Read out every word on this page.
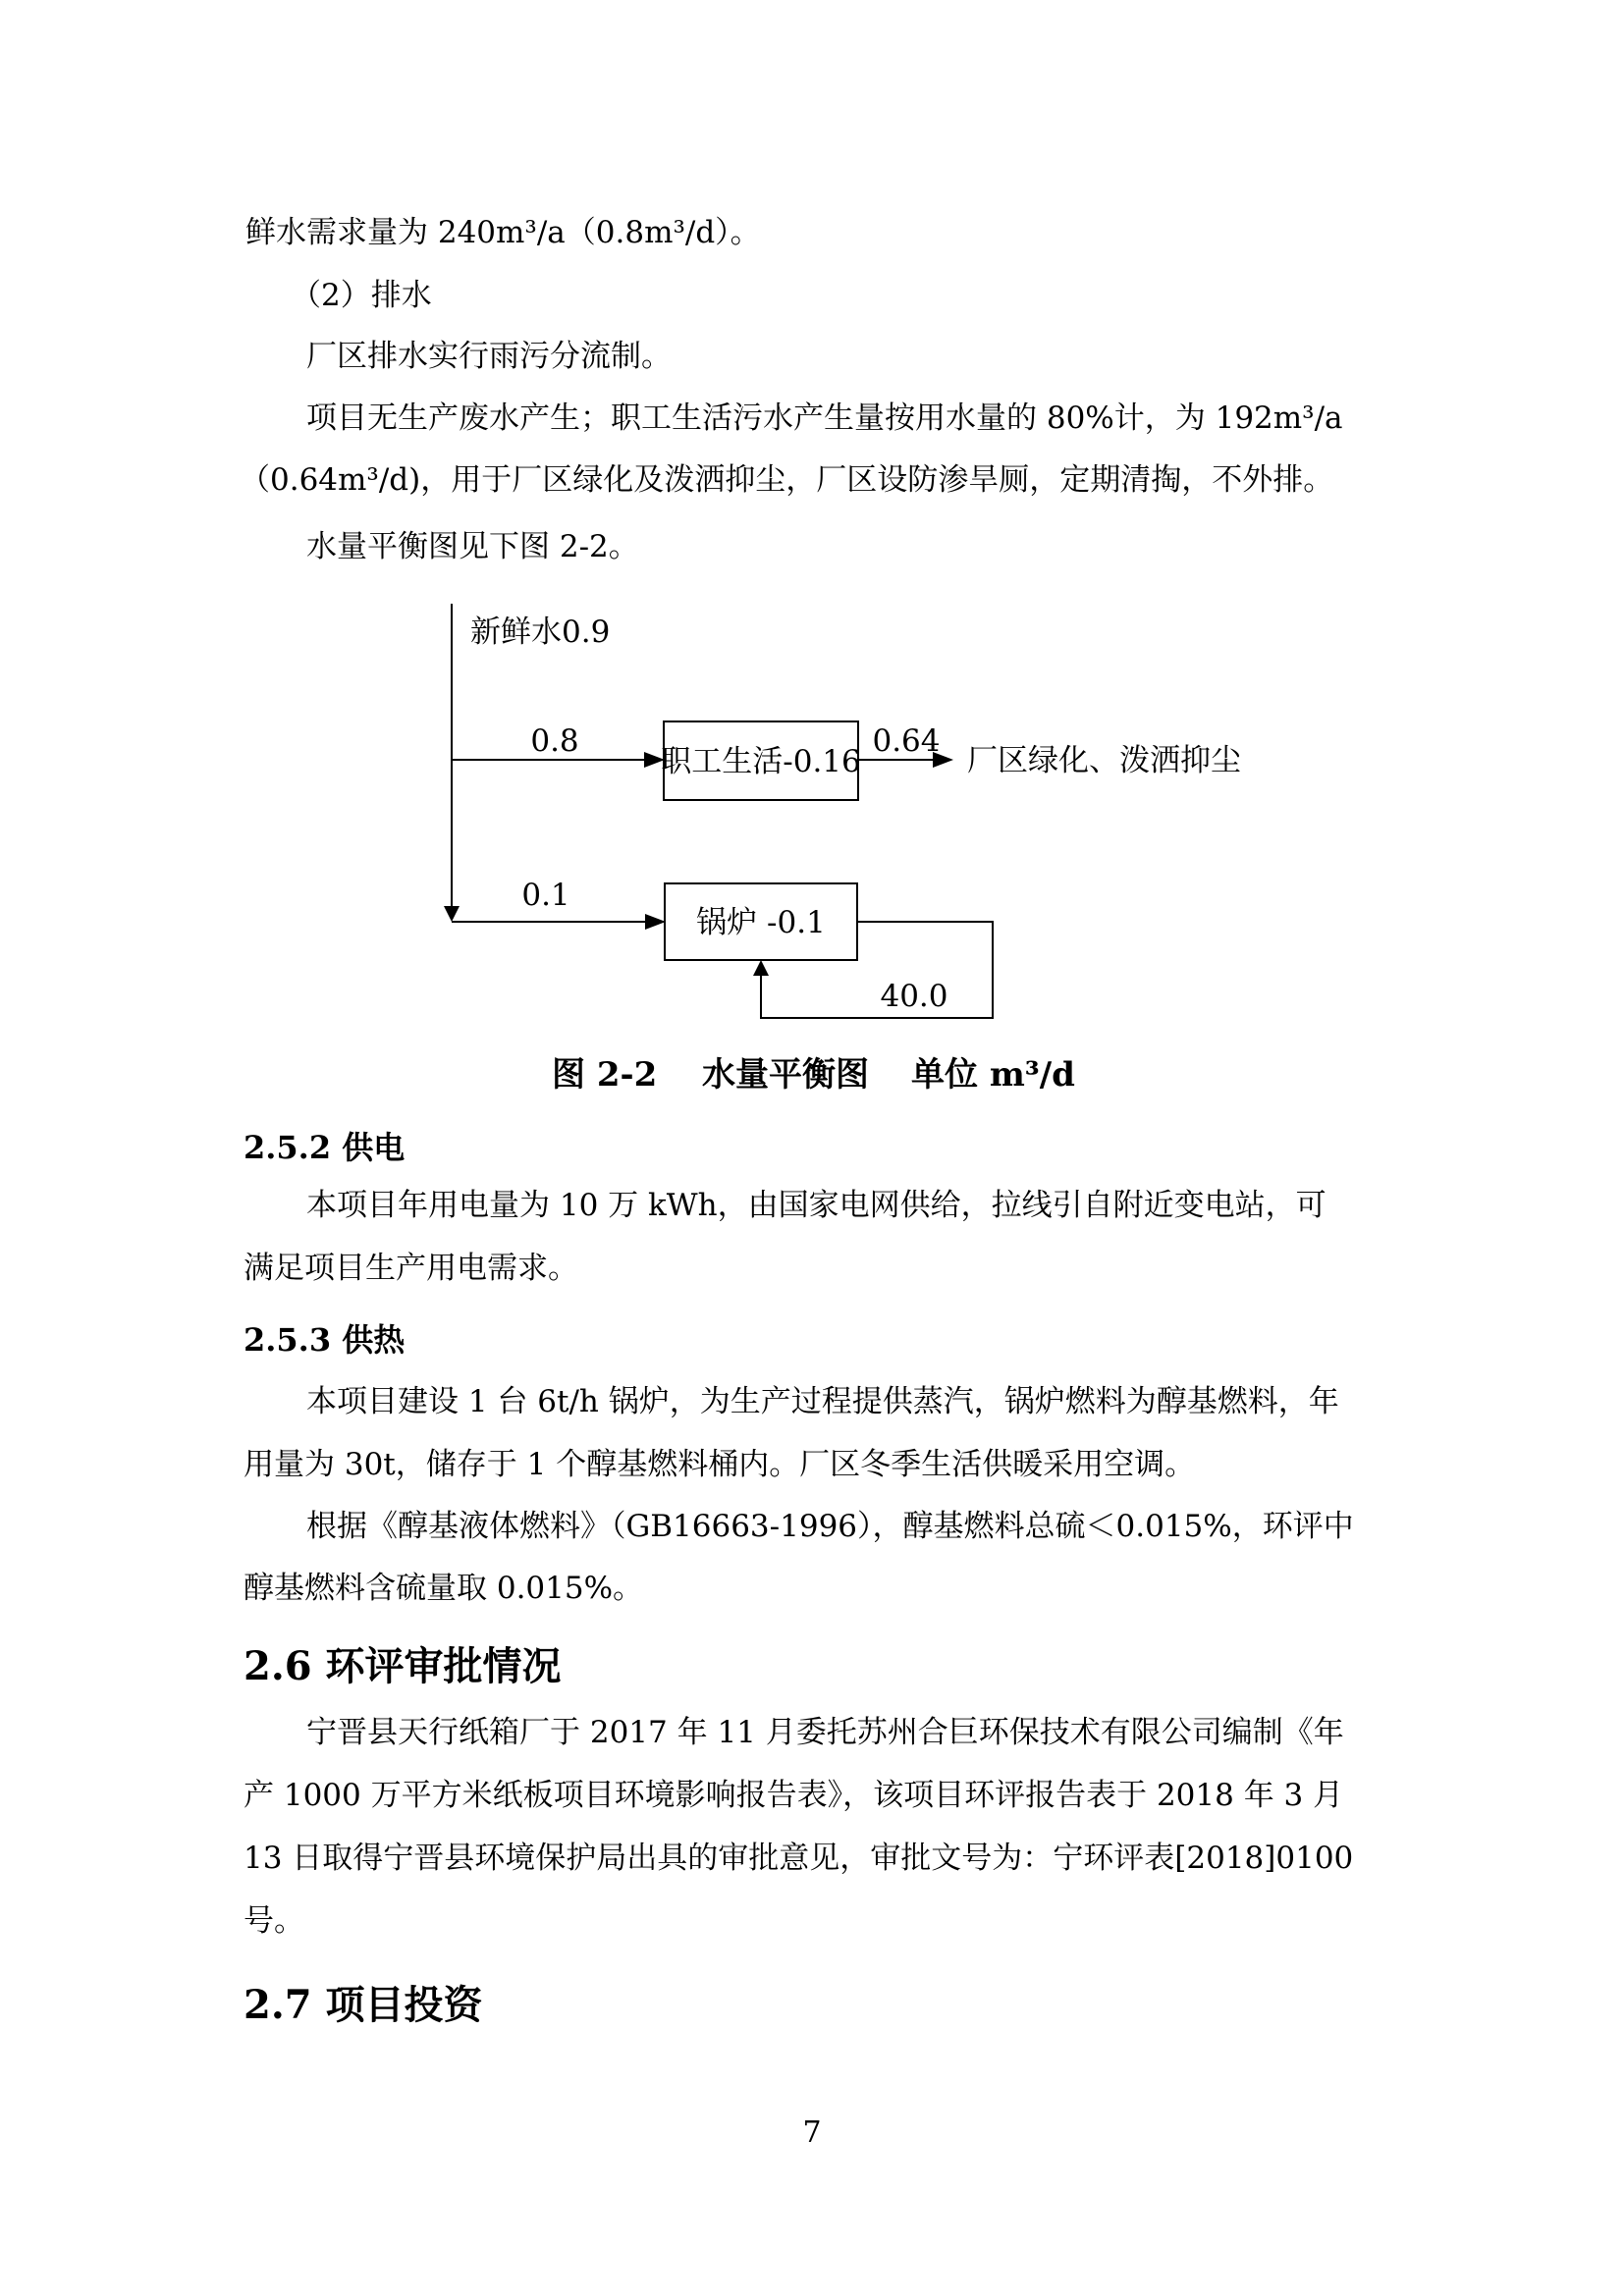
鲜水需求量为 240m³/a（0.8m³/d）。
（2）排水
厂区排水实行雨污分流制。
项目无生产废水产生；职工生活污水产生量按用水量的 80%计，为 192m³/a
（0.64m³/d)，用于厂区绿化及泼洒抑尘，厂区设防渗旱厕，定期清掏，不外排。
水量平衡图见下图 2-2。
新鲜水0.9
0.8
职工生活-0.16
0.64
厂区绿化、泼洒抑尘
0.1
锅炉 -0.1
40.0
图 2-2 水量平衡图 单位 m³/d
2.5.2 供电
本项目年用电量为 10 万 kWh，由国家电网供给，拉线引自附近变电站，可
满足项目生产用电需求。
2.5.3 供热
本项目建设 1 台 6t/h 锅炉，为生产过程提供蒸汽，锅炉燃料为醇基燃料，年
用量为 30t，储存于 1 个醇基燃料桶内。厂区冬季生活供暖采用空调。
根据《醇基液体燃料》（GB16663-1996），醇基燃料总硫＜0.015%，环评中
醇基燃料含硫量取 0.015%。
2.6 环评审批情况
宁晋县天行纸箱厂于 2017 年 11 月委托苏州合巨环保技术有限公司编制《年
产 1000 万平方米纸板项目环境影响报告表》，该项目环评报告表于 2018 年 3 月
13 日取得宁晋县环境保护局出具的审批意见，审批文号为：宁环评表[2018]0100
号。
2.7 项目投资
7
